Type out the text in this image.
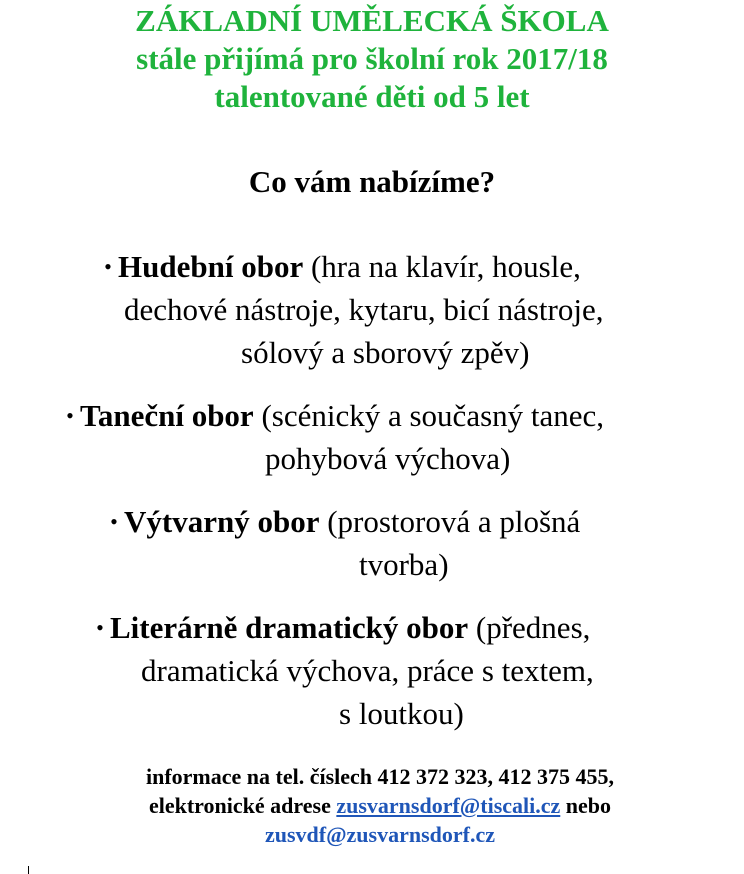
ZÁKLADNÍ UMĚLECKÁ ŠKOLA
stále přijímá pro školní rok 2017/18
talentované děti od 5 let
Co vám nabízíme?
• Hudební obor (hra na klavír, housle,
dechové nástroje, kytaru, bicí nástroje,
sólový a sborový zpěv)
• Taneční obor (scénický a současný tanec,
pohybová výchova)
• Výtvarný obor (prostorová a plošná
tvorba)
• Literárně dramatický obor (přednes,
dramatická výchova, práce s textem,
s loutkou)
informace na tel. číslech 412 372 323, 412 375 455,
elektronické adrese zusvarnsdorf@tiscali.cz nebo
zusvdf@zusvarnsdorf.cz
